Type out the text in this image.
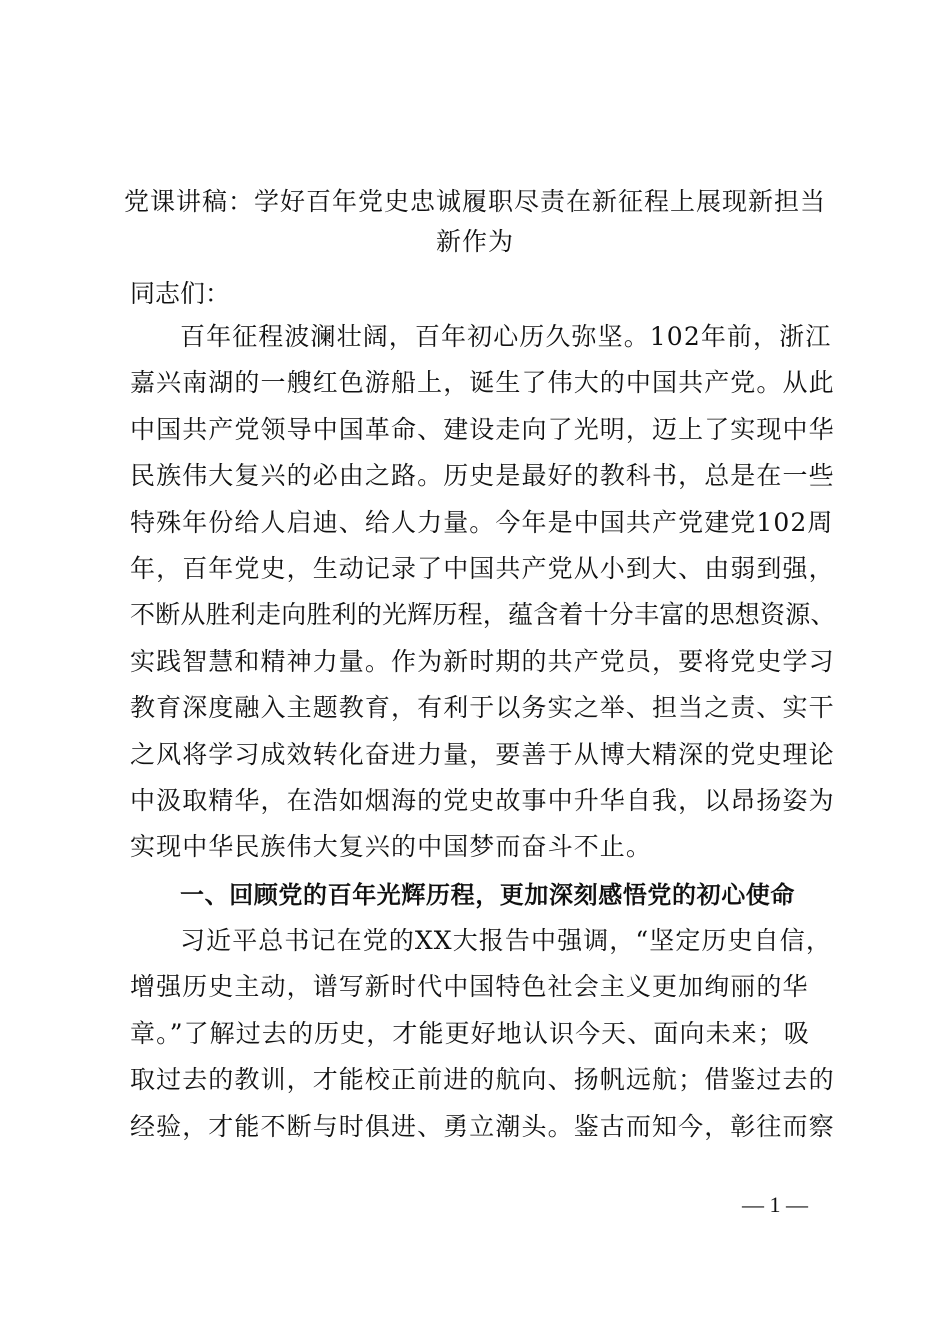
党课讲稿：学好百年党史忠诚履职尽责在新征程上展现新担当
新作为
同志们：
百年征程波澜壮阔，百年初心历久弥坚。102年前，浙江
嘉兴南湖的一艘红色游船上，诞生了伟大的中国共产党。从此
中国共产党领导中国革命、建设走向了光明，迈上了实现中华
民族伟大复兴的必由之路。历史是最好的教科书，总是在一些
特殊年份给人启迪、给人力量。今年是中国共产党建党102周
年，百年党史，生动记录了中国共产党从小到大、由弱到强，
不断从胜利走向胜利的光辉历程，蕴含着十分丰富的思想资源、
实践智慧和精神力量。作为新时期的共产党员，要将党史学习
教育深度融入主题教育，有利于以务实之举、担当之责、实干
之风将学习成效转化奋进力量，要善于从博大精深的党史理论
中汲取精华，在浩如烟海的党史故事中升华自我，以昂扬姿为
实现中华民族伟大复兴的中国梦而奋斗不止。
一、回顾党的百年光辉历程，更加深刻感悟党的初心使命
习近平总书记在党的XX大报告中强调，“坚定历史自信，
增强历史主动，谱写新时代中国特色社会主义更加绚丽的华
章。”了解过去的历史，才能更好地认识今天、面向未来；吸
取过去的教训，才能校正前进的航向、扬帆远航；借鉴过去的
经验，才能不断与时俱进、勇立潮头。鉴古而知今，彰往而察
— 1 —
